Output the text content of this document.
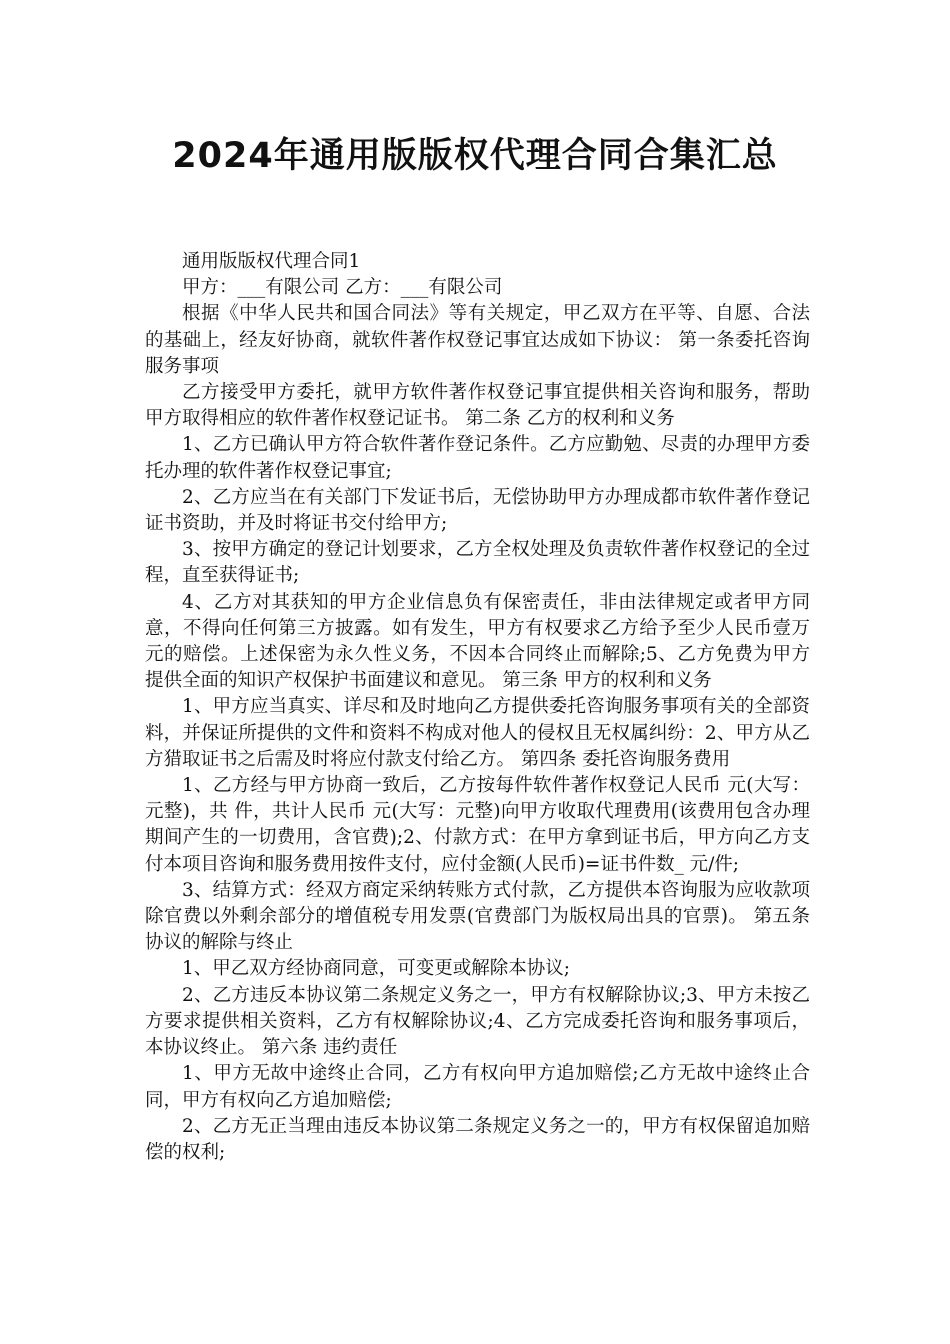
2024年通用版版权代理合同合集汇总

通用版版权代理合同1

甲方：___有限公司 乙方：___有限公司

根据《中华人民共和国合同法》等有关规定，甲乙双方在平等、自愿、合法的基础上，经友好协商，就软件著作权登记事宜达成如下协议： 第一条委托咨询服务事项

乙方接受甲方委托，就甲方软件著作权登记事宜提供相关咨询和服务，帮助甲方取得相应的软件著作权登记证书。 第二条 乙方的权利和义务

1、乙方已确认甲方符合软件著作登记条件。乙方应勤勉、尽责的办理甲方委托办理的软件著作权登记事宜;

2、乙方应当在有关部门下发证书后，无偿协助甲方办理成都市软件著作登记证书资助，并及时将证书交付给甲方;

3、按甲方确定的登记计划要求，乙方全权处理及负责软件著作权登记的全过程，直至获得证书;

4、乙方对其获知的甲方企业信息负有保密责任，非由法律规定或者甲方同意，不得向任何第三方披露。如有发生，甲方有权要求乙方给予至少人民币壹万元的赔偿。上述保密为永久性义务，不因本合同终止而解除;5、乙方免费为甲方提供全面的知识产权保护书面建议和意见。 第三条 甲方的权利和义务

1、甲方应当真实、详尽和及时地向乙方提供委托咨询服务事项有关的全部资料，并保证所提供的文件和资料不构成对他人的侵权且无权属纠纷：2、甲方从乙方猎取证书之后需及时将应付款支付给乙方。 第四条 委托咨询服务费用

1、乙方经与甲方协商一致后，乙方按每件软件著作权登记人民币 元(大写： 元整)，共 件，共计人民币 元(大写：元整)向甲方收取代理费用(该费用包含办理期间产生的一切费用，含官费);2、付款方式：在甲方拿到证书后，甲方向乙方支付本项目咨询和服务费用按件支付，应付金额(人民币)=证书件数_ 元/件;

3、结算方式：经双方商定采纳转账方式付款，乙方提供本咨询服为应收款项除官费以外剩余部分的增值税专用发票(官费部门为版权局出具的官票)。 第五条协议的解除与终止

1、甲乙双方经协商同意，可变更或解除本协议;

2、乙方违反本协议第二条规定义务之一，甲方有权解除协议;3、甲方未按乙方要求提供相关资料，乙方有权解除协议;4、乙方完成委托咨询和服务事项后，本协议终止。 第六条 违约责任

1、甲方无故中途终止合同，乙方有权向甲方追加赔偿;乙方无故中途终止合同，甲方有权向乙方追加赔偿;

2、乙方无正当理由违反本协议第二条规定义务之一的，甲方有权保留追加赔偿的权利;
